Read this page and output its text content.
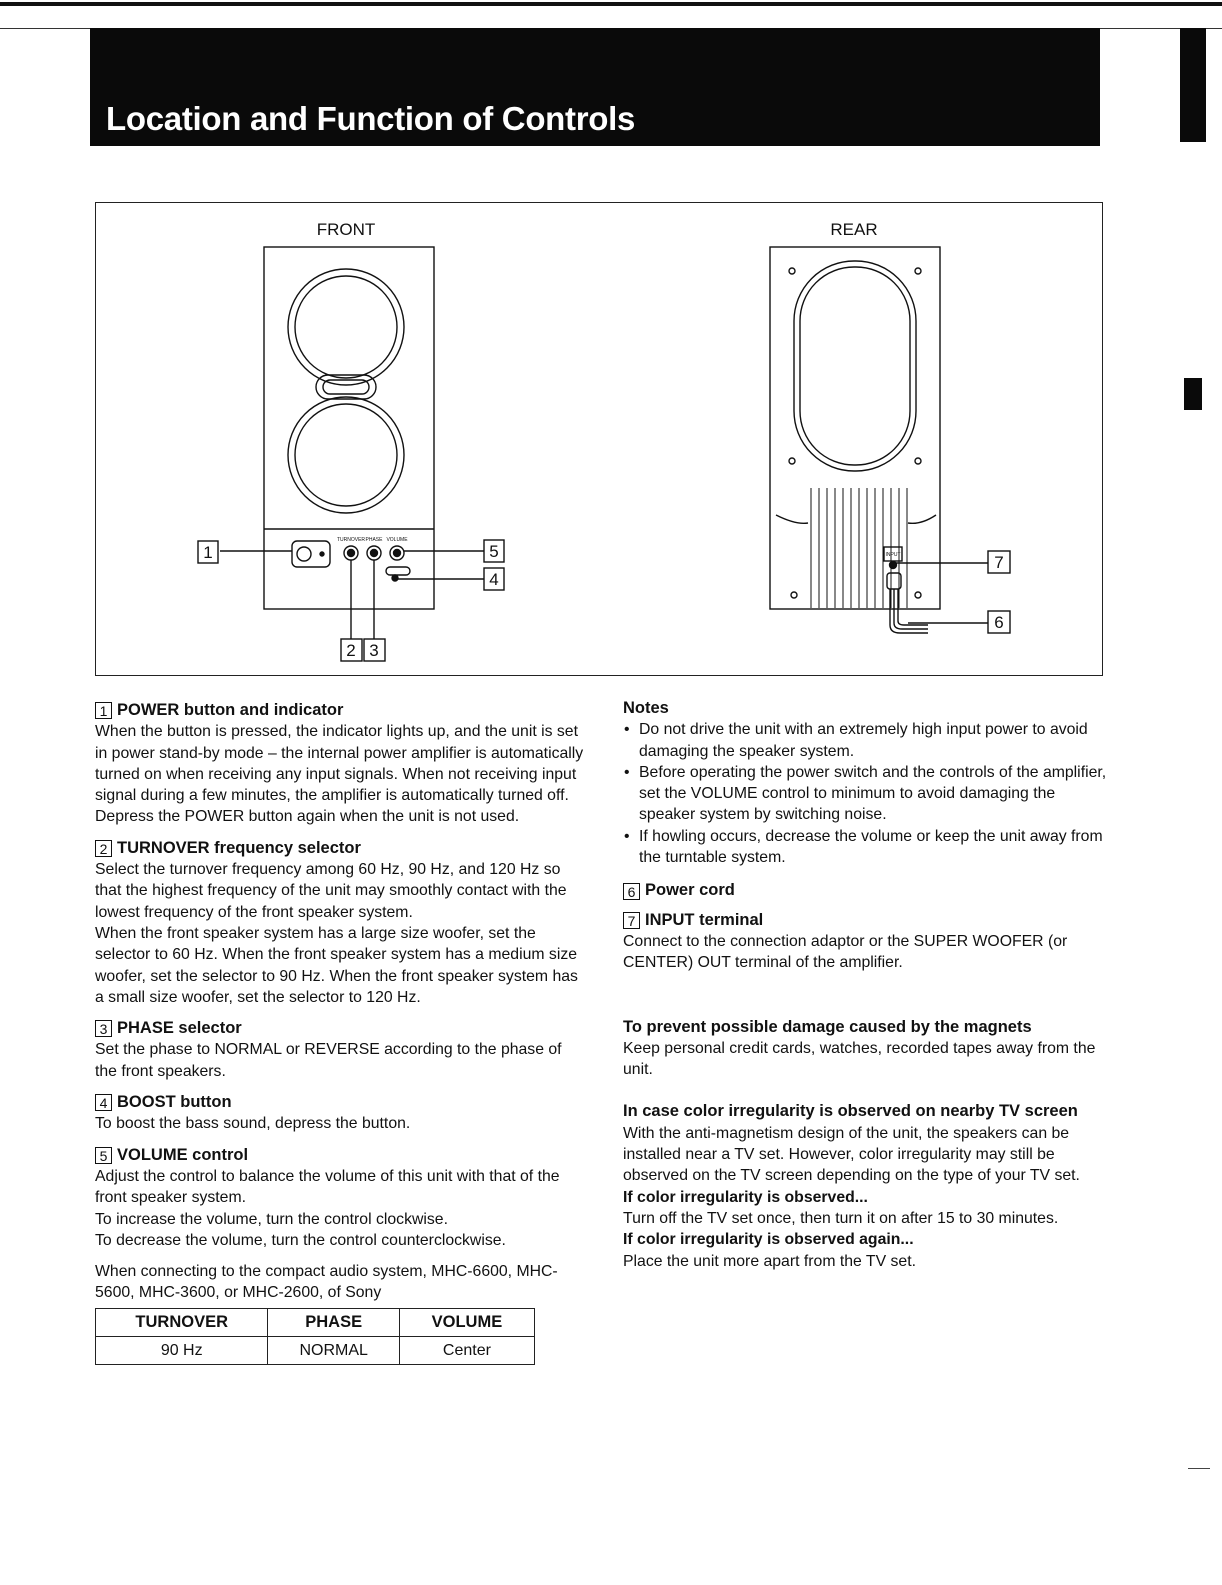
Location and Function of Controls
FRONT
TURNOVER PHASE VOLUME
1	5
4
2 3
REAR
INPUT	7
6
1 POWER button and indicator

When the button is pressed, the indicator lights up, and the unit is set in power stand-by mode – the internal power amplifier is automatically turned on when receiving any input signals. When not receiving input signal during a few minutes, the amplifier is automatically turned off.

Depress the POWER button again when the unit is not used.

2 TURNOVER frequency selector

Select the turnover frequency among 60 Hz, 90 Hz, and 120 Hz so that the highest frequency of the unit may smoothly contact with the lowest frequency of the front speaker system.

When the front speaker system has a large size woofer, set the selector to 60 Hz. When the front speaker system has a medium size woofer, set the selector to 90 Hz. When the front speaker system has a small size woofer, set the selector to 120 Hz.

3 PHASE selector

Set the phase to NORMAL or REVERSE according to the phase of the front speakers.

4 BOOST button

To boost the bass sound, depress the button.

5 VOLUME control

Adjust the control to balance the volume of this unit with that of the front speaker system.

To increase the volume, turn the control clockwise.

To decrease the volume, turn the control counterclockwise.

When connecting to the compact audio system, MHC-6600, MHC-5600, MHC-3600, or MHC-2600, of Sony

TURNOVER	PHASE	VOLUME
90 Hz	NORMAL	Center
Notes
• Do not drive the unit with an extremely high input power to avoid damaging the speaker system.
• Before operating the power switch and the controls of the amplifier, set the VOLUME control to minimum to avoid damaging the speaker system by switching noise.
• If howling occurs, decrease the volume or keep the unit away from the turntable system.
6 Power cord
7 INPUT terminal

Connect to the connection adaptor or the SUPER WOOFER (or CENTER) OUT terminal of the amplifier.

To prevent possible damage caused by the magnets

Keep personal credit cards, watches, recorded tapes away from the unit.

In case color irregularity is observed on nearby TV screen

With the anti-magnetism design of the unit, the speakers can be installed near a TV set. However, color irregularity may still be observed on the TV screen depending on the type of your TV set.

If color irregularity is observed...

Turn off the TV set once, then turn it on after 15 to 30 minutes.

If color irregularity is observed again...

Place the unit more apart from the TV set.
